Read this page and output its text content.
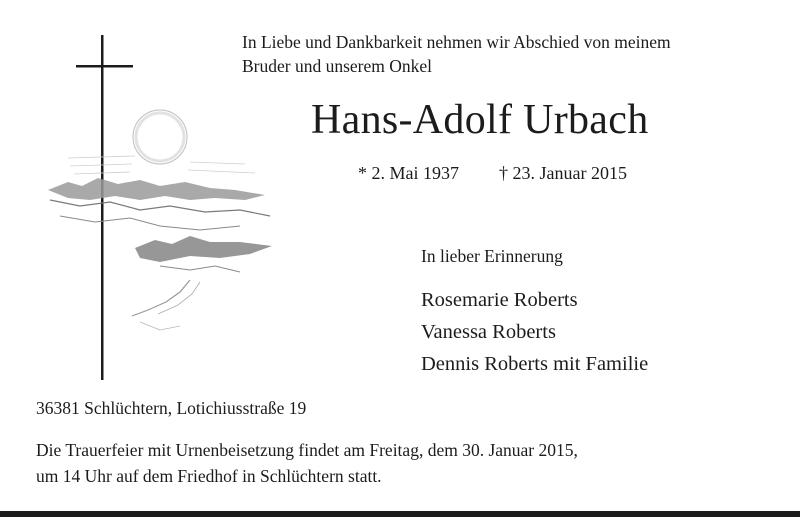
In Liebe und Dankbarkeit nehmen wir Abschied von meinem
Bruder und unserem Onkel
Hans-Adolf Urbach
* 2. Mai 1937 † 23. Januar 2015
In lieber Erinnerung
Rosemarie Roberts
Vanessa Roberts
Dennis Roberts mit Familie
36381 Schlüchtern, Lotichiusstraße 19
Die Trauerfeier mit Urnenbeisetzung findet am Freitag, dem 30. Januar 2015,
um 14 Uhr auf dem Friedhof in Schlüchtern statt.
